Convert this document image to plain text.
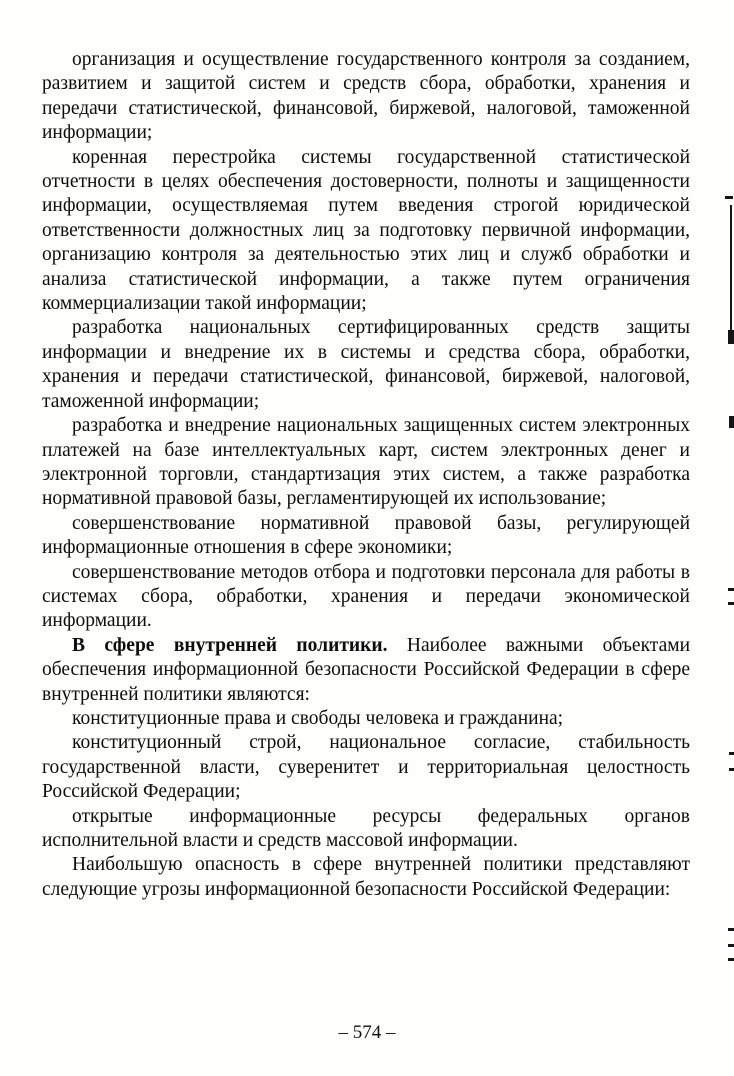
организация и осуществление государственного контроля за созданием, развитием и защитой систем и средств сбора, обработки, хранения и передачи статистической, финансовой, биржевой, налоговой, таможенной информации;

коренная перестройка системы государственной статистической отчетности в целях обеспечения достоверности, полноты и защищенности информации, осуществляемая путем введения строгой юридической ответственности должностных лиц за подготовку первичной информации, организацию контроля за деятельностью этих лиц и служб обработки и анализа статистической информации, а также путем ограничения коммерциализации такой информации;

разработка национальных сертифицированных средств защиты информации и внедрение их в системы и средства сбора, обработки, хранения и передачи статистической, финансовой, биржевой, налоговой, таможенной информации;

разработка и внедрение национальных защищенных систем электронных платежей на базе интеллектуальных карт, систем электронных денег и электронной торговли, стандартизация этих систем, а также разработка нормативной правовой базы, регламентирующей их использование;

совершенствование нормативной правовой базы, регулирующей информационные отношения в сфере экономики;

совершенствование методов отбора и подготовки персонала для работы в системах сбора, обработки, хранения и передачи экономической информации.

В сфере внутренней политики. Наиболее важными объектами обеспечения информационной безопасности Российской Федерации в сфере внутренней политики являются:

конституционные права и свободы человека и гражданина;

конституционный строй, национальное согласие, стабильность государственной власти, суверенитет и территориальная целостность Российской Федерации;

открытые информационные ресурсы федеральных органов исполнительной власти и средств массовой информации.

Наибольшую опасность в сфере внутренней политики представляют следующие угрозы информационной безопасности Российской Федерации:

– 574 –
